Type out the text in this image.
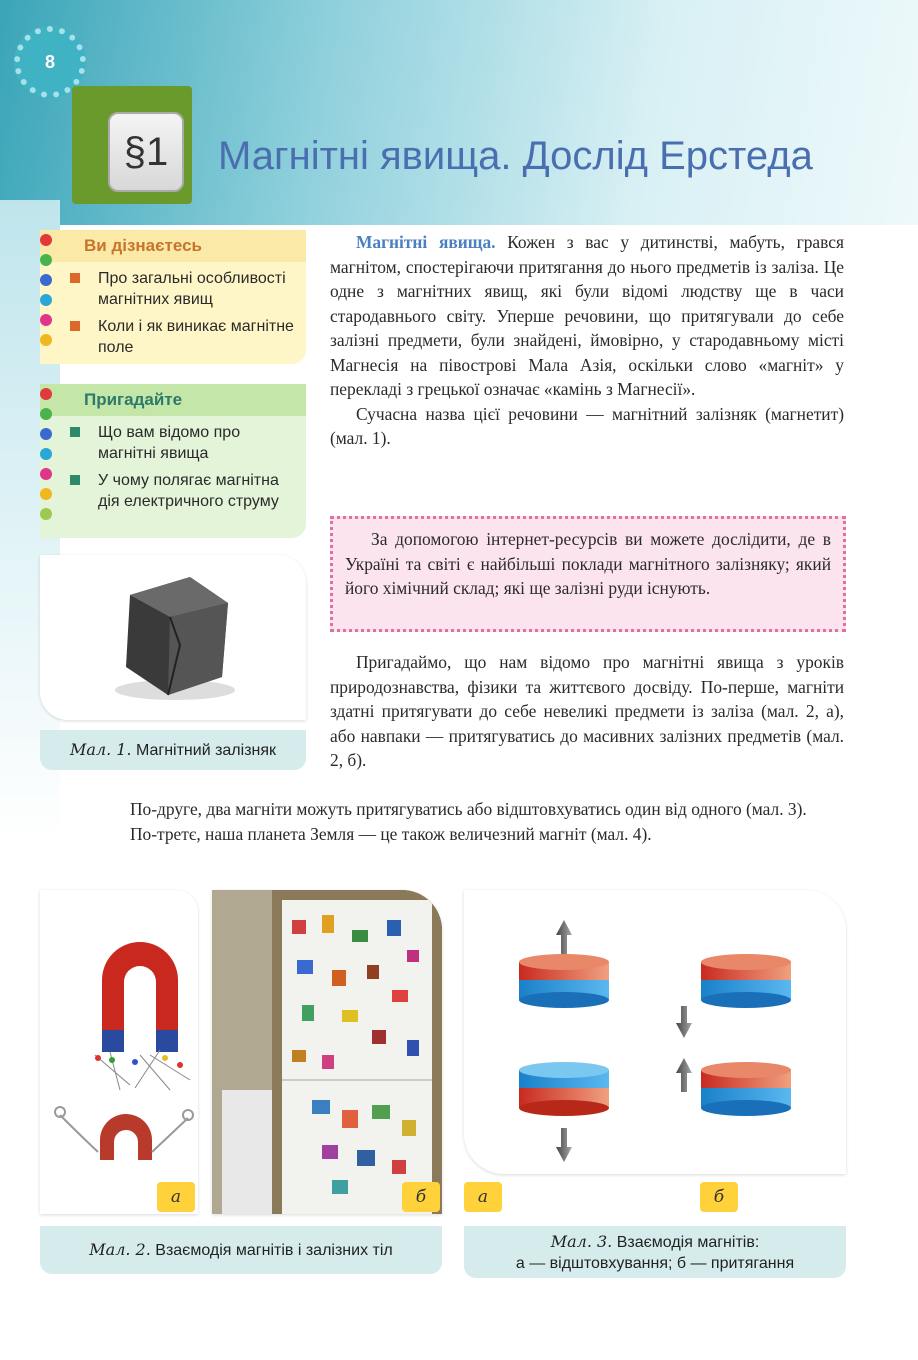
8
§1	Магнітні явища. Дослід Ерстеда
Ви дізнаєтесь
Про загальні особливості магнітних явищ
Коли і як виникає магнітне поле
Пригадайте
Що вам відомо про магнітні явища
У чому полягає магнітна дія електричного струму
Мал. 1. Магнітний залізняк

Магнітні явища. Кожен з вас у дитинстві, мабуть, грався магнітом, спостерігаючи притягання до нього предметів із заліза. Це одне з магнітних явищ, які були відомі людству ще в часи стародавнього світу. Уперше речовини, що притягували до себе залізні предмети, були знайдені, ймовірно, у стародавньому місті Магнесія на півострові Мала Азія, оскільки слово «магніт» у перекладі з грецької означає «камінь з Магнесії».

Сучасна назва цієї речовини — магнітний залізняк (магнетит) (мал. 1).

За допомогою інтернет-ресурсів ви можете дослідити, де в Україні та світі є найбільші поклади магнітного залізняку; який його хімічний склад; які ще залізні руди існують.

Пригадаймо, що нам відомо про магнітні явища з уроків природознавства, фізики та життєвого досвіду. По-перше, магніти здатні притягувати до себе невеликі предмети із заліза (мал. 2, а), або навпаки — притягуватись до масивних залізних предметів (мал. 2, б).

По-друге, два магніти можуть притягуватись або відштовхуватись один від одного (мал. 3).

По-третє, наша планета Земля — це також величезний магніт (мал. 4).

а	б
Мал. 2. Взаємодія магнітів і залізних тіл
а	б
Мал. 3. Взаємодія магнітів:
а — відштовхування; б — притягання
